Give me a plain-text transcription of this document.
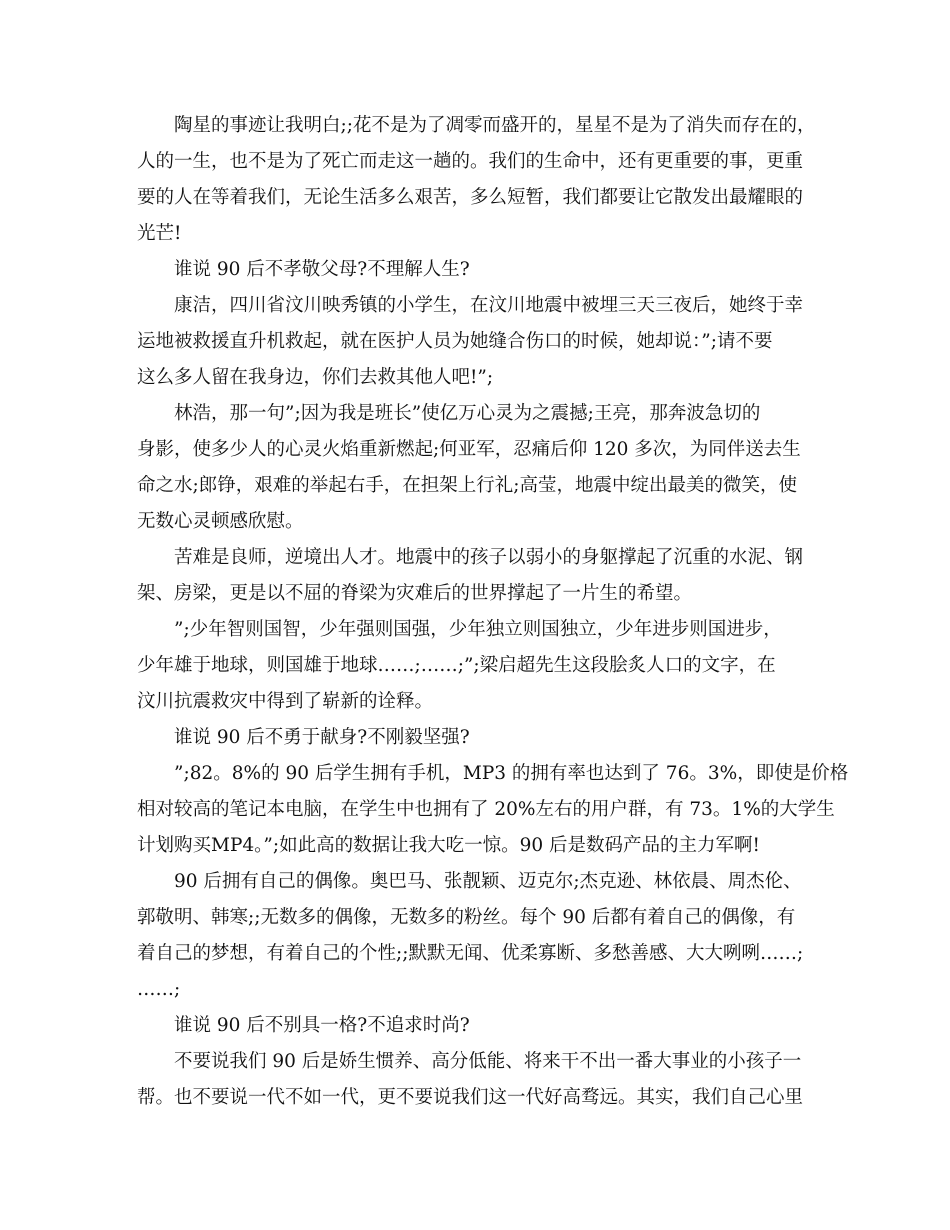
陶星的事迹让我明白;;花不是为了凋零而盛开的，星星不是为了消失而存在的，
人的一生，也不是为了死亡而走这一趟的。我们的生命中，还有更重要的事，更重
要的人在等着我们，无论生活多么艰苦，多么短暂，我们都要让它散发出最耀眼的
光芒!
谁说 90 后不孝敬父母?不理解人生?
康洁，四川省汶川映秀镇的小学生，在汶川地震中被埋三天三夜后，她终于幸
运地被救援直升机救起，就在医护人员为她缝合伤口的时候，她却说：”;请不要
这么多人留在我身边，你们去救其他人吧!”;
林浩，那一句”;因为我是班长”使亿万心灵为之震撼;王亮，那奔波急切的
身影，使多少人的心灵火焰重新燃起;何亚军，忍痛后仰 120 多次，为同伴送去生
命之水;郎铮，艰难的举起右手，在担架上行礼;高莹，地震中绽出最美的微笑，使
无数心灵顿感欣慰。
苦难是良师，逆境出人才。地震中的孩子以弱小的身躯撑起了沉重的水泥、钢
架、房梁，更是以不屈的脊梁为灾难后的世界撑起了一片生的希望。
”;少年智则国智，少年强则国强，少年独立则国独立，少年进步则国进步，
少年雄于地球，则国雄于地球……;……;”;梁启超先生这段脍炙人口的文字，在
汶川抗震救灾中得到了崭新的诠释。
谁说 90 后不勇于献身?不刚毅坚强?
”;82。8%的 90 后学生拥有手机，MP3 的拥有率也达到了 76。3%，即使是价格
相对较高的笔记本电脑，在学生中也拥有了 20%左右的用户群，有 73。1%的大学生
计划购买MP4。”;如此高的数据让我大吃一惊。90 后是数码产品的主力军啊!
90 后拥有自己的偶像。奥巴马、张靓颖、迈克尔;杰克逊、林依晨、周杰伦、
郭敬明、韩寒;;无数多的偶像，无数多的粉丝。每个 90 后都有着自己的偶像，有
着自己的梦想，有着自己的个性;;默默无闻、优柔寡断、多愁善感、大大咧咧……;
……;
谁说 90 后不别具一格?不追求时尚?
不要说我们 90 后是娇生惯养、高分低能、将来干不出一番大事业的小孩子一
帮。也不要说一代不如一代，更不要说我们这一代好高骛远。其实，我们自己心里
